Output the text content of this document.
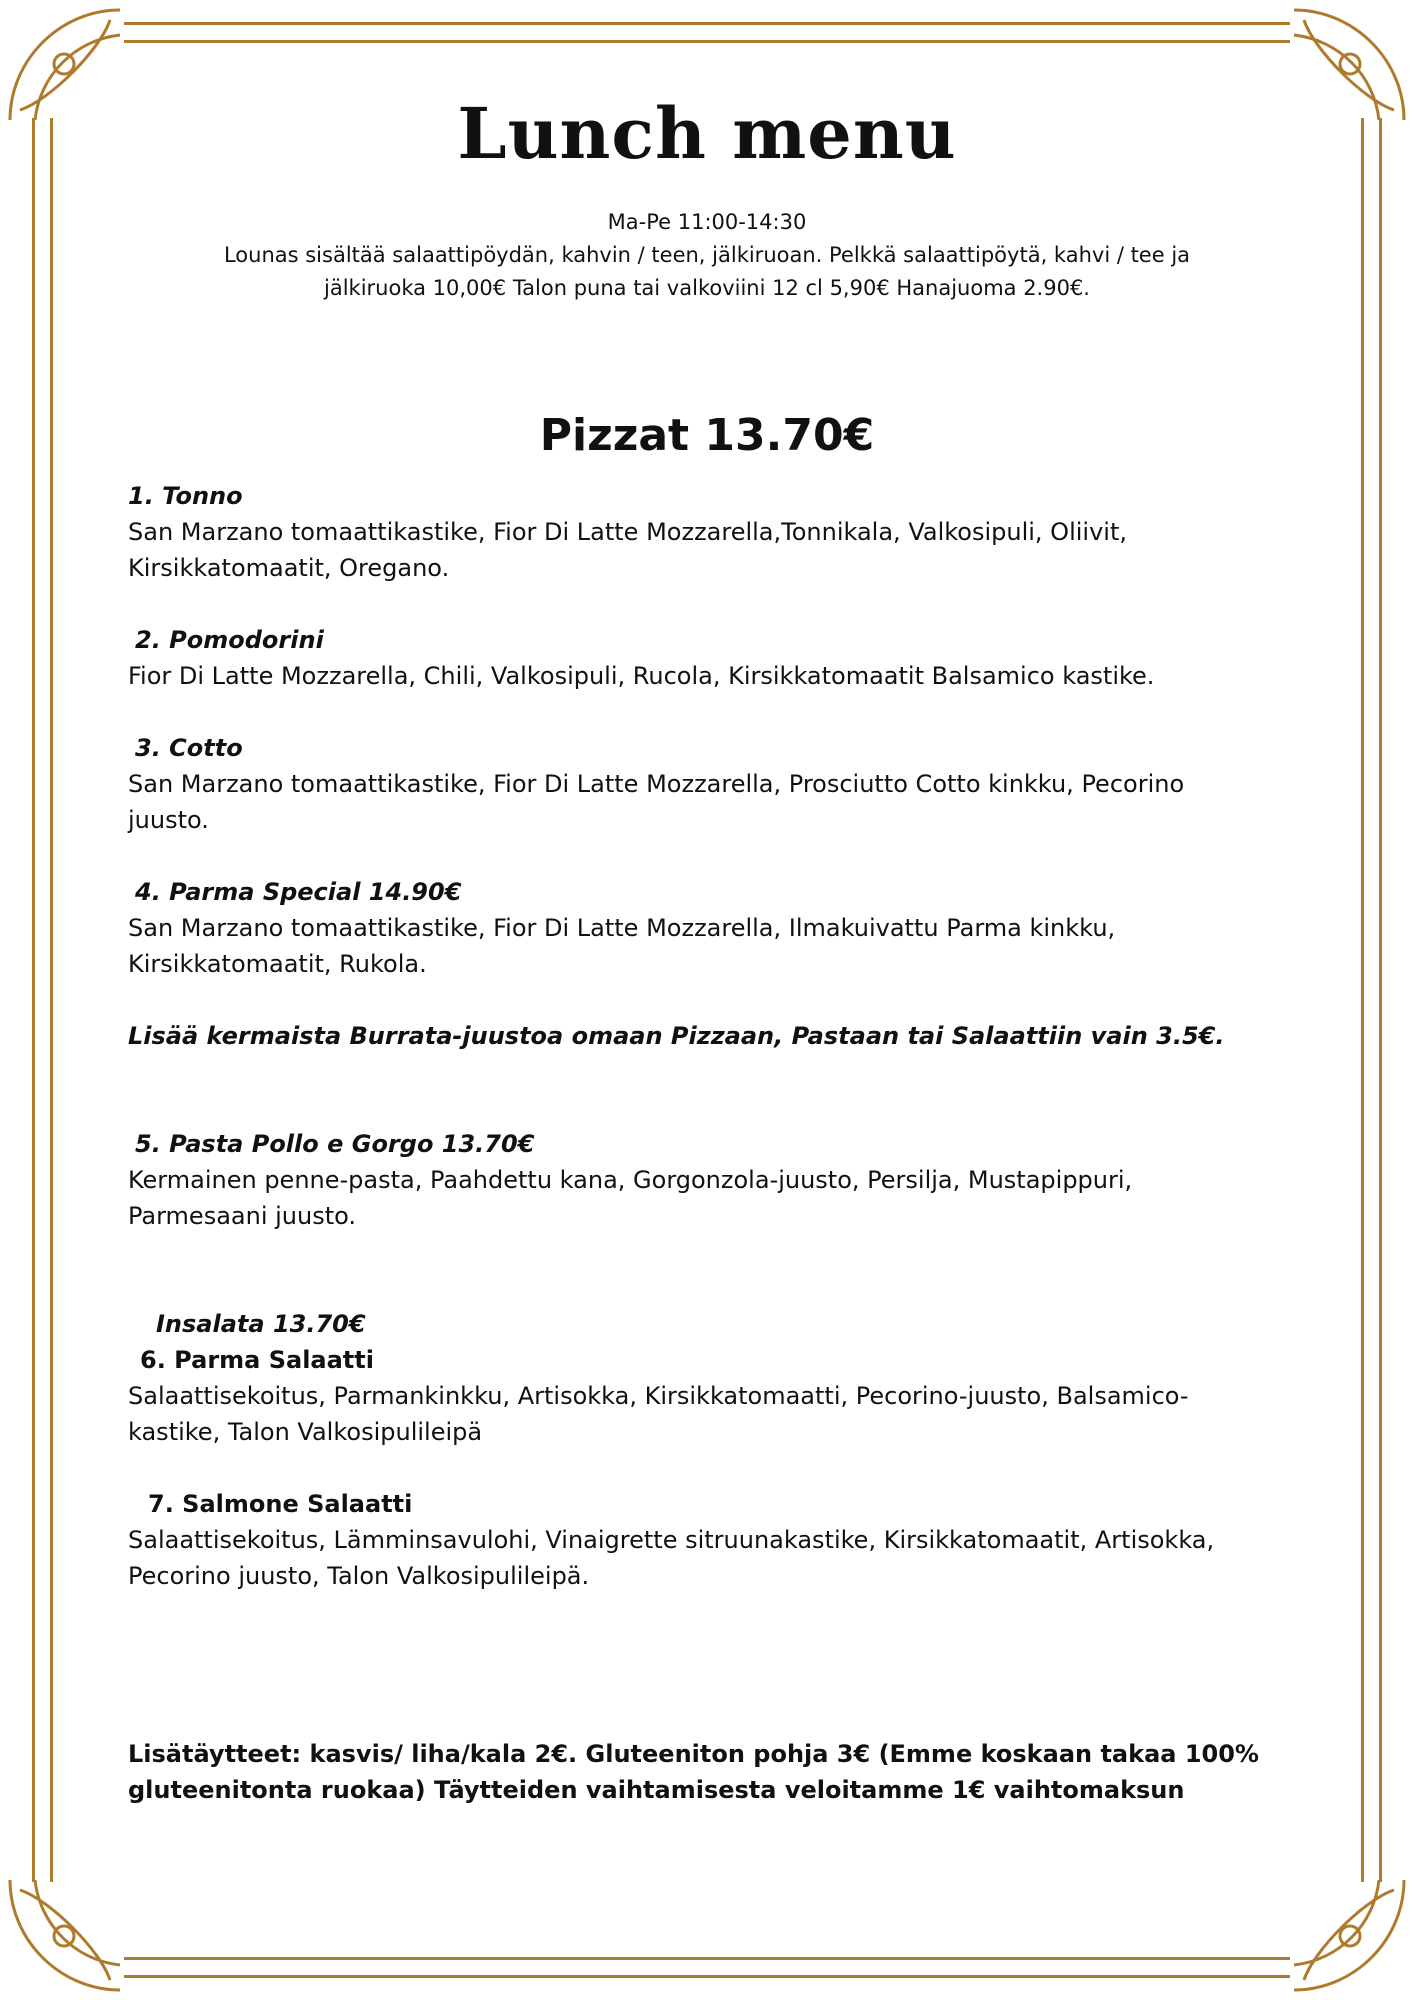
Lunch menu
Ma-Pe 11:00-14:30
Lounas sisältää salaattipöydän, kahvin / teen, jälkiruoan. Pelkkä salaattipöytä, kahvi / tee ja
jälkiruoka 10,00€ Talon puna tai valkoviini 12 cl 5,90€ Hanajuoma 2.90€.
Pizzat 13.70€
1. Tonno
San Marzano tomaattikastike, Fior Di Latte Mozzarella,Tonnikala, Valkosipuli, Oliivit, Kirsikkatomaatit, Oregano.
2. Pomodorini
Fior Di Latte Mozzarella, Chili, Valkosipuli, Rucola, Kirsikkatomaatit Balsamico kastike.
3. Cotto
San Marzano tomaattikastike, Fior Di Latte Mozzarella, Prosciutto Cotto kinkku, Pecorino juusto.
4. Parma Special 14.90€
San Marzano tomaattikastike, Fior Di Latte Mozzarella, Ilmakuivattu Parma kinkku, Kirsikkatomaatit, Rukola.
Lisää kermaista Burrata-juustoa omaan Pizzaan, Pastaan tai Salaattiin vain 3.5€.
5. Pasta Pollo e Gorgo 13.70€
Kermainen penne-pasta, Paahdettu kana, Gorgonzola-juusto, Persilja, Mustapippuri, Parmesaani juusto.
Insalata 13.70€
6. Parma Salaatti
Salaattisekoitus, Parmankinkku, Artisokka, Kirsikkatomaatti, Pecorino-juusto, Balsamico-kastike, Talon Valkosipulileipä
7. Salmone Salaatti
Salaattisekoitus, Lämminsavulohi, Vinaigrette sitruunakastike, Kirsikkatomaatit, Artisokka, Pecorino juusto, Talon Valkosipulileipä.
Lisätäytteet: kasvis/ liha/kala 2€. Gluteeniton pohja 3€ (Emme koskaan takaa 100% gluteenitonta ruokaa) Täytteiden vaihtamisesta veloitamme 1€ vaihtomaksun
